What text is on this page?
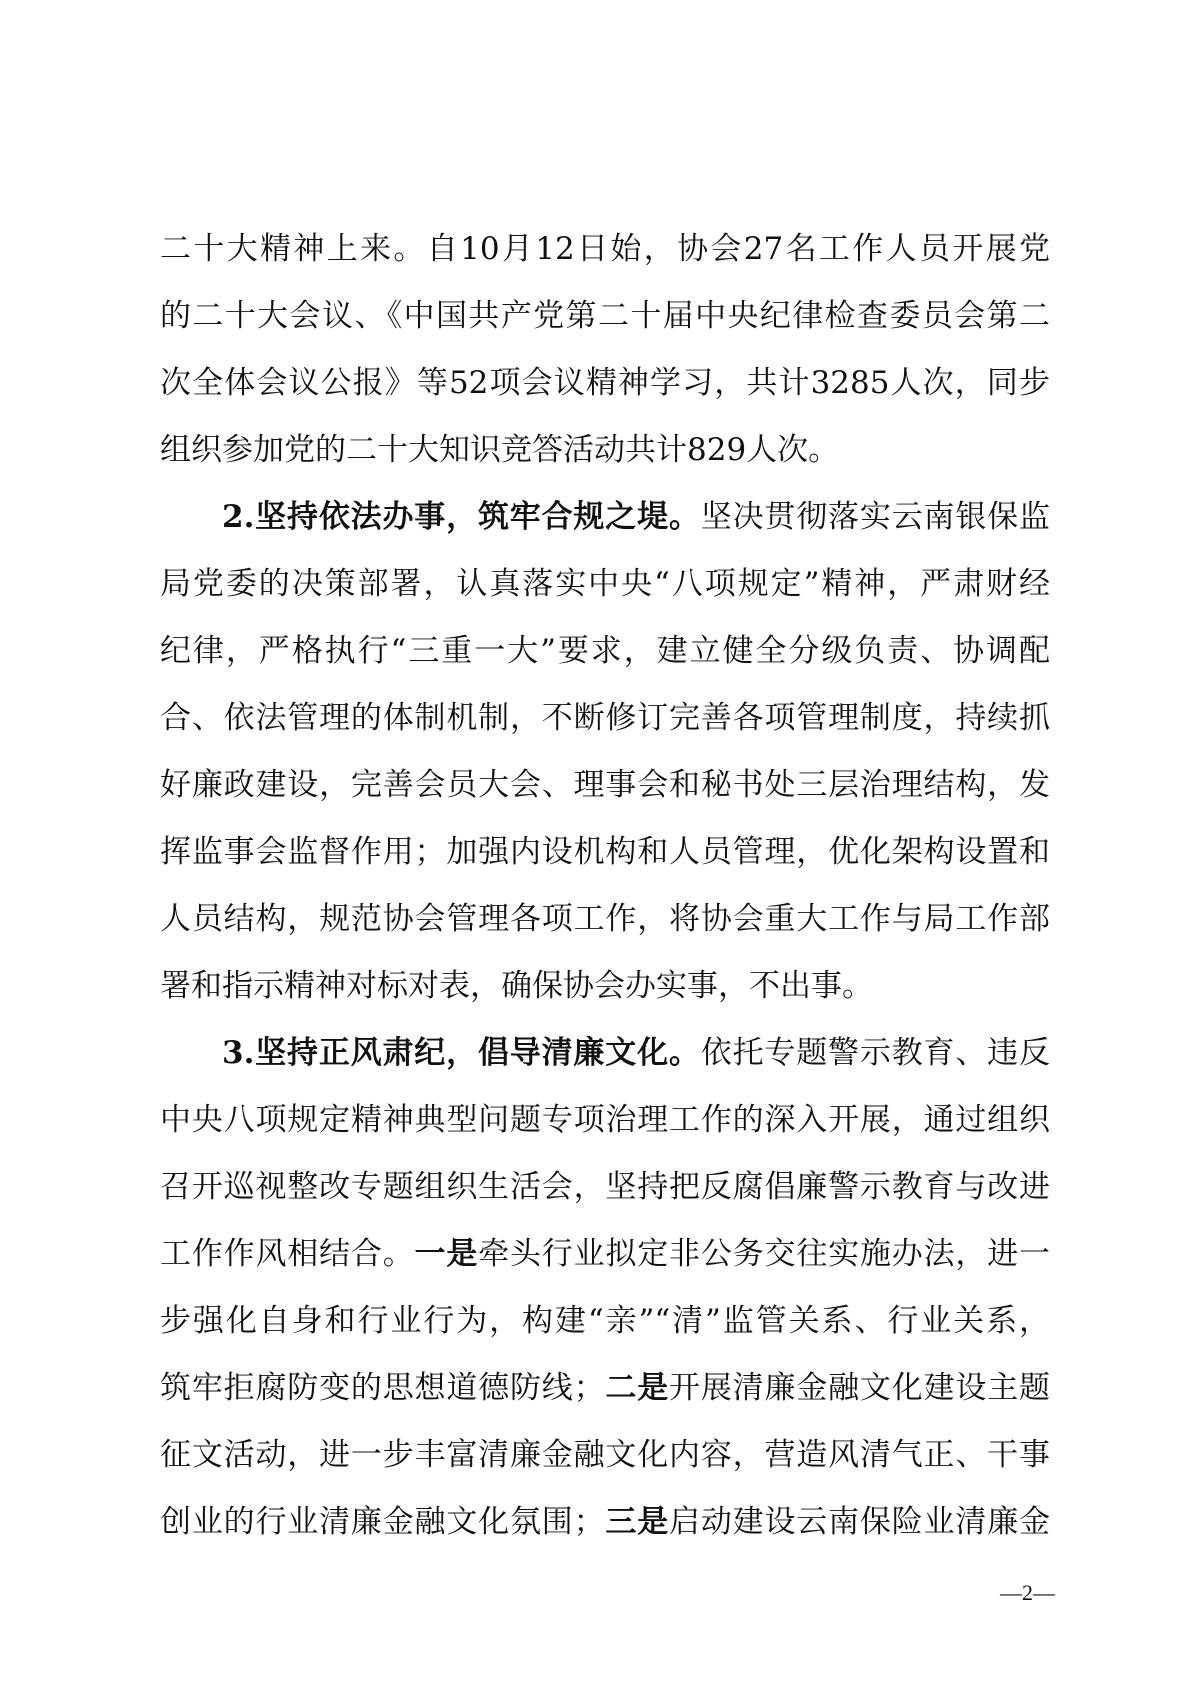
二十大精神上来。自10月12日始，协会27名工作人员开展党
的二十大会议、《中国共产党第二十届中央纪律检查委员会第二
次全体会议公报》等52项会议精神学习，共计3285人次，同步
组织参加党的二十大知识竞答活动共计829人次。
2.坚持依法办事，筑牢合规之堤。坚决贯彻落实云南银保监
局党委的决策部署，认真落实中央“八项规定”精神，严肃财经
纪律，严格执行“三重一大”要求，建立健全分级负责、协调配
合、依法管理的体制机制，不断修订完善各项管理制度，持续抓
好廉政建设，完善会员大会、理事会和秘书处三层治理结构，发
挥监事会监督作用；加强内设机构和人员管理，优化架构设置和
人员结构，规范协会管理各项工作，将协会重大工作与局工作部
署和指示精神对标对表，确保协会办实事，不出事。
3.坚持正风肃纪，倡导清廉文化。依托专题警示教育、违反
中央八项规定精神典型问题专项治理工作的深入开展，通过组织
召开巡视整改专题组织生活会，坚持把反腐倡廉警示教育与改进
工作作风相结合。一是牵头行业拟定非公务交往实施办法，进一
步强化自身和行业行为，构建“亲”“清”监管关系、行业关系，
筑牢拒腐防变的思想道德防线；二是开展清廉金融文化建设主题
征文活动，进一步丰富清廉金融文化内容，营造风清气正、干事
创业的行业清廉金融文化氛围；三是启动建设云南保险业清廉金
—2—
